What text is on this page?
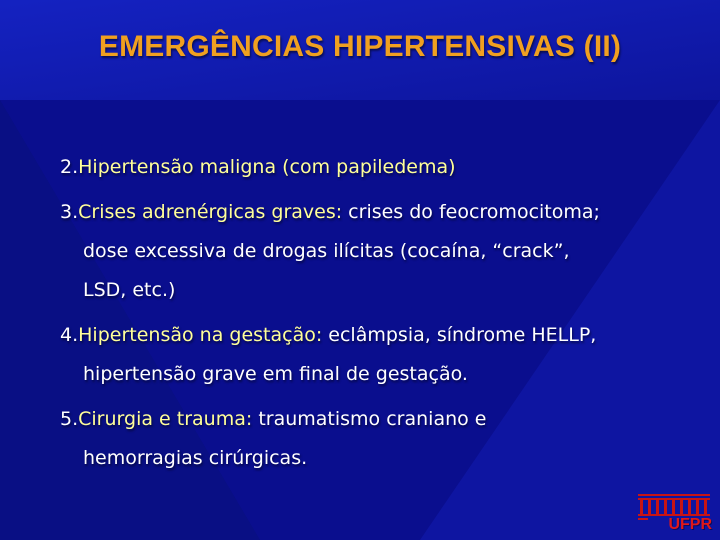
EMERGÊNCIAS HIPERTENSIVAS (II)
2.Hipertensão maligna (com papiledema)
3.Crises adrenérgicas graves: crises do feocromocitoma;
dose excessiva de drogas ilícitas (cocaína, “crack”,
LSD, etc.)
4.Hipertensão na gestação: eclâmpsia, síndrome HELLP,
hipertensão grave em final de gestação.
5.Cirurgia e trauma: traumatismo craniano e
hemorragias cirúrgicas.
UFPR
